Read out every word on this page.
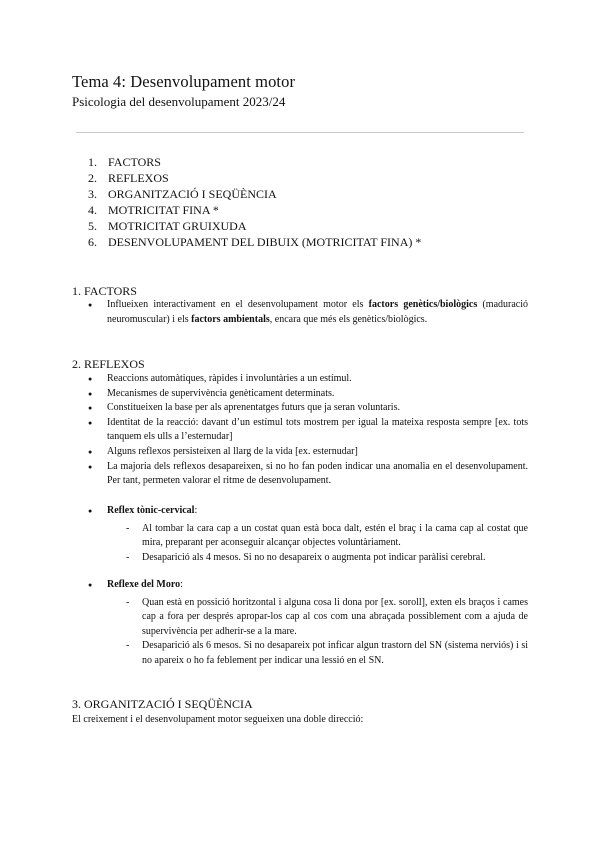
Tema 4: Desenvolupament motor
Psicologia del desenvolupament 2023/24
1. FACTORS
2. REFLEXOS
3. ORGANITZACIÓ I SEQÜÈNCIA
4. MOTRICITAT FINA *
5. MOTRICITAT GRUIXUDA
6. DESENVOLUPAMENT DEL DIBUIX (MOTRICITAT FINA) *
1. FACTORS
● Influeixen interactivament en el desenvolupament motor els factors genètics/biològics (maduració neuromuscular) i els factors ambientals, encara que més els genètics/biològics.
2. REFLEXOS
● Reaccions automàtiques, ràpides i involuntàries a un estímul.
● Mecanismes de supervivència genèticament determinats.
● Constitueixen la base per als aprenentatges futurs que ja seran voluntaris.
● Identitat de la reacció: davant d’un estímul tots mostrem per igual la mateixa resposta sempre [ex. tots tanquem els ulls a l’esternudar]
● Alguns reflexos persisteixen al llarg de la vida [ex. esternudar]
● La majoria dels reflexos desapareixen, si no ho fan poden indicar una anomalia en el desenvolupament. Per tant, permeten valorar el ritme de desenvolupament.
● Reflex tònic-cervical:
- Al tombar la cara cap a un costat quan està boca dalt, estén el braç i la cama cap al costat que mira, preparant per aconseguir alcançar objectes voluntàriament.
- Desaparició als 4 mesos. Si no no desapareix o augmenta pot indicar paràlisi cerebral.
● Reflexe del Moro:
- Quan està en possició horitzontal i alguna cosa li dona por [ex. soroll], exten els braços i cames cap a fora per després apropar-los cap al cos com una abraçada possiblement com a ajuda de supervivència per adherir-se a la mare.
- Desaparició als 6 mesos. Si no desapareix pot inficar algun trastorn del SN (sistema nerviós) i si no apareix o ho fa feblement per indicar una lessió en el SN.
3. ORGANITZACIÓ I SEQÜÈNCIA
El creixement i el desenvolupament motor segueixen una doble direcció:
